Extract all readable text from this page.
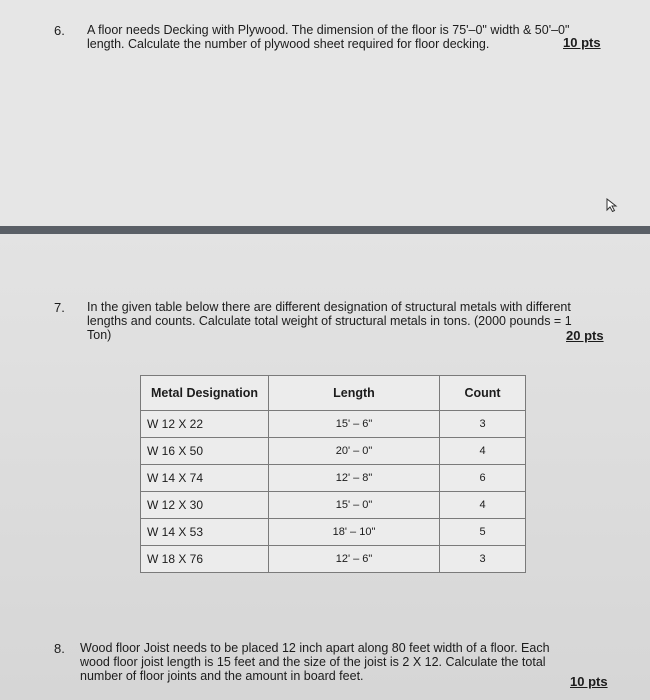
6. A floor needs Decking with Plywood. The dimension of the floor is 75'–0" width & 50'–0"
length. Calculate the number of plywood sheet required for floor decking.	10 pts
7. In the given table below there are different designation of structural metals with different
lengths and counts. Calculate total weight of structural metals in tons. (2000 pounds = 1
Ton)	20 pts
Metal Designation	Length	Count
W 12 X 22	15' – 6"	3
W 16 X 50	20' – 0"	4
W 14 X 74	12' – 8"	6
W 12 X 30	15' – 0"	4
W 14 X 53	18' – 10"	5
W 18 X 76	12' – 6"	3
8. Wood floor Joist needs to be placed 12 inch apart along 80 feet width of a floor. Each
wood floor joist length is 15 feet and the size of the joist is 2 X 12. Calculate the total
number of floor joints and the amount in board feet.	10 pts
